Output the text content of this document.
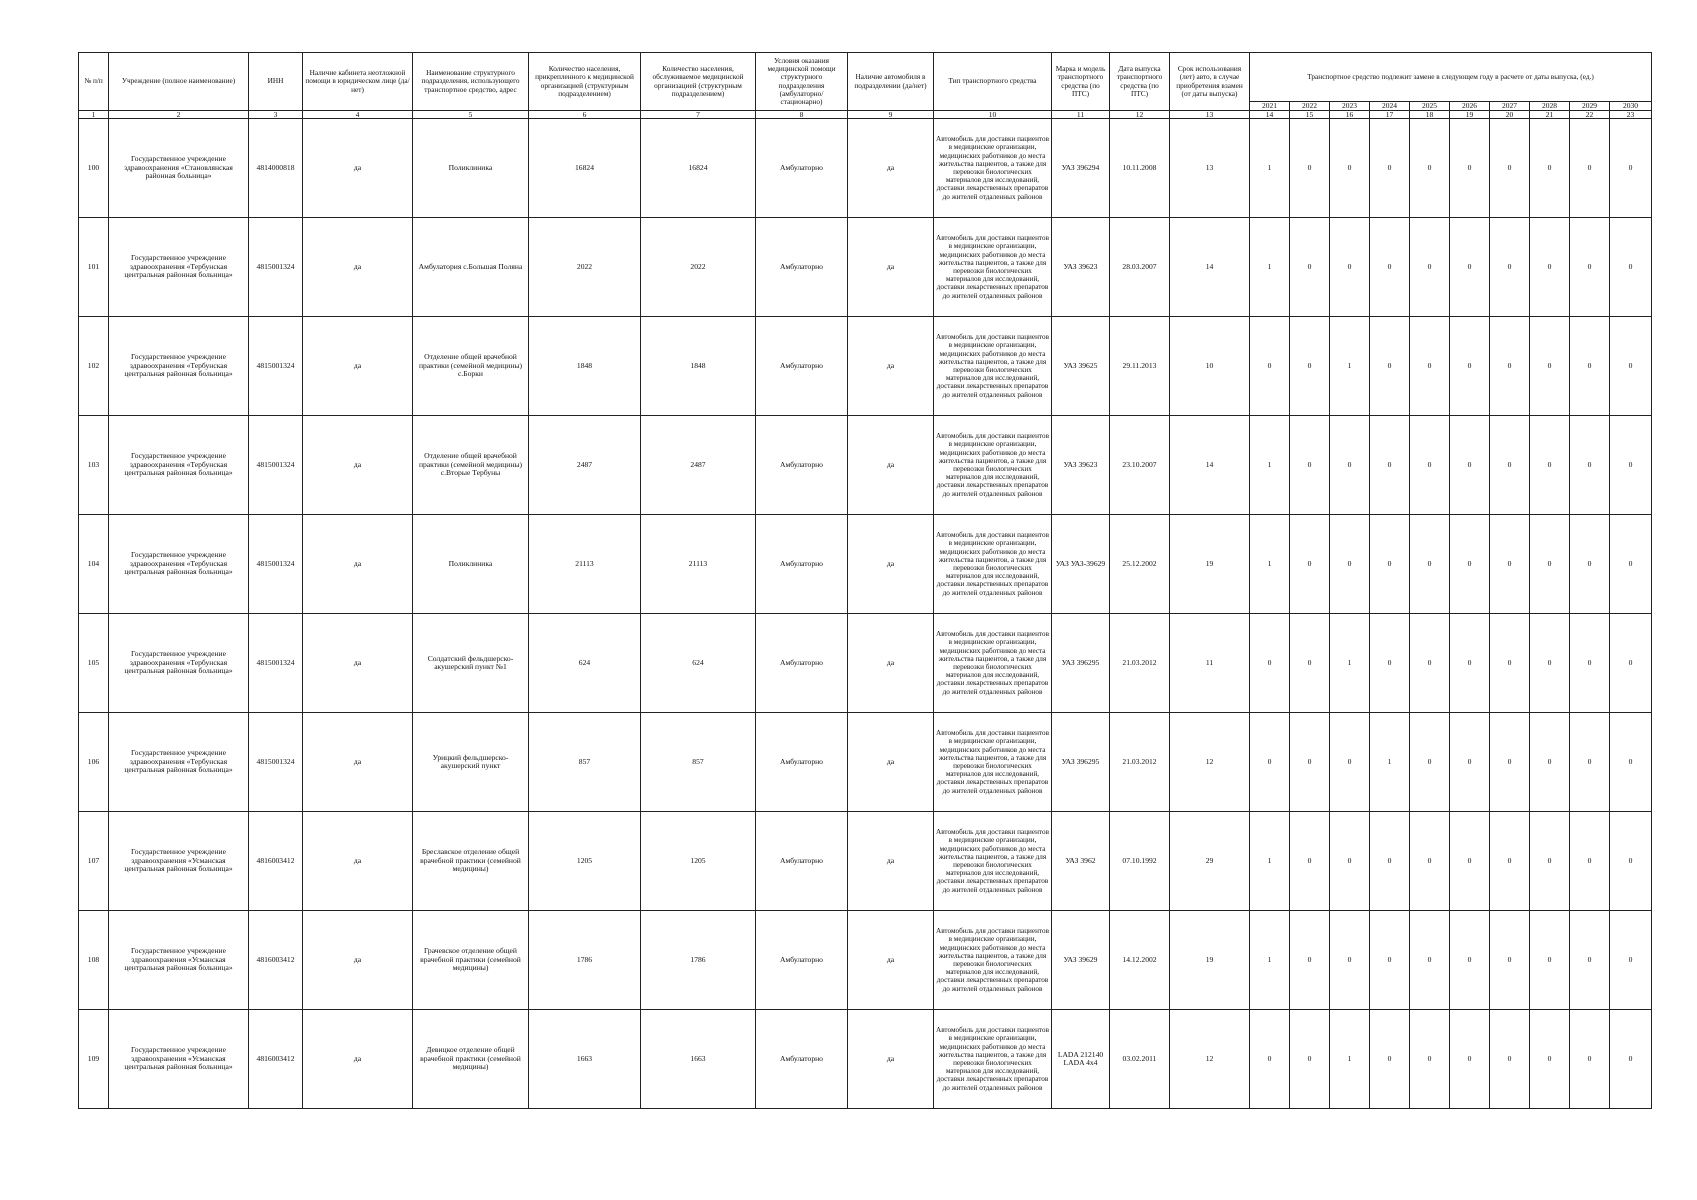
№ п/п	Учреждение (полное наименование)	ИНН	Наличие кабинета неотложной помощи в юридическом лице (да/нет)	Наименование структурного подразделения, использующего транспортное средство, адрес	Количество населения, прикрепленного к медицинской организацией (структурным подразделением)	Количество населения, обслуживаемое медицинской организацией (структурным подразделением)	Условия оказания медицинской помощи структурного подразделения (амбулаторно/ стационарно)	Наличие автомобиля в подразделении (да/нет)	Тип транспортного средства	Марка и модель транспортного средства (по ПТС)	Дата выпуска транспортного средства (по ПТС)	Срок использования (лет) авто, в случае приобретения взамен (от даты выпуска)	Транспортное средство подлежит замене в следующем году в расчете от даты выпуска, (ед.)									
													2021	2022	2023	2024	2025	2026	2027	2028	2029	2030
1	2	3	4	5	6	7	8	9	10	11	12	13	14	15	16	17	18	19	20	21	22	23
100	Государственное учреждение здравоохранения «Становлянская районная больница»	4814000818	да	Поликлиника	16824	16824	Амбулаторно	да	Автомобиль для доставки пациентов в медицинские организации, медицинских работников до места жительства пациентов, а также для перевозки биологических материалов для исследований, доставки лекарственных препаратов до жителей отдаленных районов	УАЗ 396294	10.11.2008	13	1	0	0	0	0	0	0	0	0	0
101	Государственное учреждение здравоохранения «Тербунская центральная районная больница»	4815001324	да	Амбулатория с.Большая Поляна	2022	2022	Амбулаторно	да	Автомобиль для доставки пациентов в медицинские организации, медицинских работников до места жительства пациентов, а также для перевозки биологических материалов для исследований, доставки лекарственных препаратов до жителей отдаленных районов	УАЗ 39623	28.03.2007	14	1	0	0	0	0	0	0	0	0	0
102	Государственное учреждение здравоохранения «Тербунская центральная районная больница»	4815001324	да	Отделение общей врачебной практики (семейной медицины) с.Борки	1848	1848	Амбулаторно	да	Автомобиль для доставки пациентов в медицинские организации, медицинских работников до места жительства пациентов, а также для перевозки биологических материалов для исследований, доставки лекарственных препаратов до жителей отдаленных районов	УАЗ 39625	29.11.2013	10	0	0	1	0	0	0	0	0	0	0
103	Государственное учреждение здравоохранения «Тербунская центральная районная больница»	4815001324	да	Отделение общей врачебной практики (семейной медицины) с.Вторые Тербуны	2487	2487	Амбулаторно	да	Автомобиль для доставки пациентов в медицинские организации, медицинских работников до места жительства пациентов, а также для перевозки биологических материалов для исследований, доставки лекарственных препаратов до жителей отдаленных районов	УАЗ 39623	23.10.2007	14	1	0	0	0	0	0	0	0	0	0
104	Государственное учреждение здравоохранения «Тербунская центральная районная больница»	4815001324	да	Поликлиника	21113	21113	Амбулаторно	да	Автомобиль для доставки пациентов в медицинские организации, медицинских работников до места жительства пациентов, а также для перевозки биологических материалов для исследований, доставки лекарственных препаратов до жителей отдаленных районов	УАЗ УАЗ-39629	25.12.2002	19	1	0	0	0	0	0	0	0	0	0
105	Государственное учреждение здравоохранения «Тербунская центральная районная больница»	4815001324	да	Солдатский фельдшерско-акушерский пункт №1	624	624	Амбулаторно	да	Автомобиль для доставки пациентов в медицинские организации, медицинских работников до места жительства пациентов, а также для перевозки биологических материалов для исследований, доставки лекарственных препаратов до жителей отдаленных районов	УАЗ 396295	21.03.2012	11	0	0	1	0	0	0	0	0	0	0
106	Государственное учреждение здравоохранения «Тербунская центральная районная больница»	4815001324	да	Урицкий фельдшерско-акушерский пункт	857	857	Амбулаторно	да	Автомобиль для доставки пациентов в медицинские организации, медицинских работников до места жительства пациентов, а также для перевозки биологических материалов для исследований, доставки лекарственных препаратов до жителей отдаленных районов	УАЗ 396295	21.03.2012	12	0	0	0	1	0	0	0	0	0	0
107	Государственное учреждение здравоохранения «Усманская центральная районная больница»	4816003412	да	Бреславское отделение общей врачебной практики (семейной медицины)	1205	1205	Амбулаторно	да	Автомобиль для доставки пациентов в медицинские организации, медицинских работников до места жительства пациентов, а также для перевозки биологических материалов для исследований, доставки лекарственных препаратов до жителей отдаленных районов	УАЗ 3962	07.10.1992	29	1	0	0	0	0	0	0	0	0	0
108	Государственное учреждение здравоохранения «Усманская центральная районная больница»	4816003412	да	Грачевское отделение общей врачебной практики (семейной медицины)	1786	1786	Амбулаторно	да	Автомобиль для доставки пациентов в медицинские организации, медицинских работников до места жительства пациентов, а также для перевозки биологических материалов для исследований, доставки лекарственных препаратов до жителей отдаленных районов	УАЗ 39629	14.12.2002	19	1	0	0	0	0	0	0	0	0	0
109	Государственное учреждение здравоохранения «Усманская центральная районная больница»	4816003412	да	Девицкое отделение общей врачебной практики (семейной медицины)	1663	1663	Амбулаторно	да	Автомобиль для доставки пациентов в медицинские организации, медицинских работников до места жительства пациентов, а также для перевозки биологических материалов для исследований, доставки лекарственных препаратов до жителей отдаленных районов	LADA 212140 LADA 4x4	03.02.2011	12	0	0	1	0	0	0	0	0	0	0
